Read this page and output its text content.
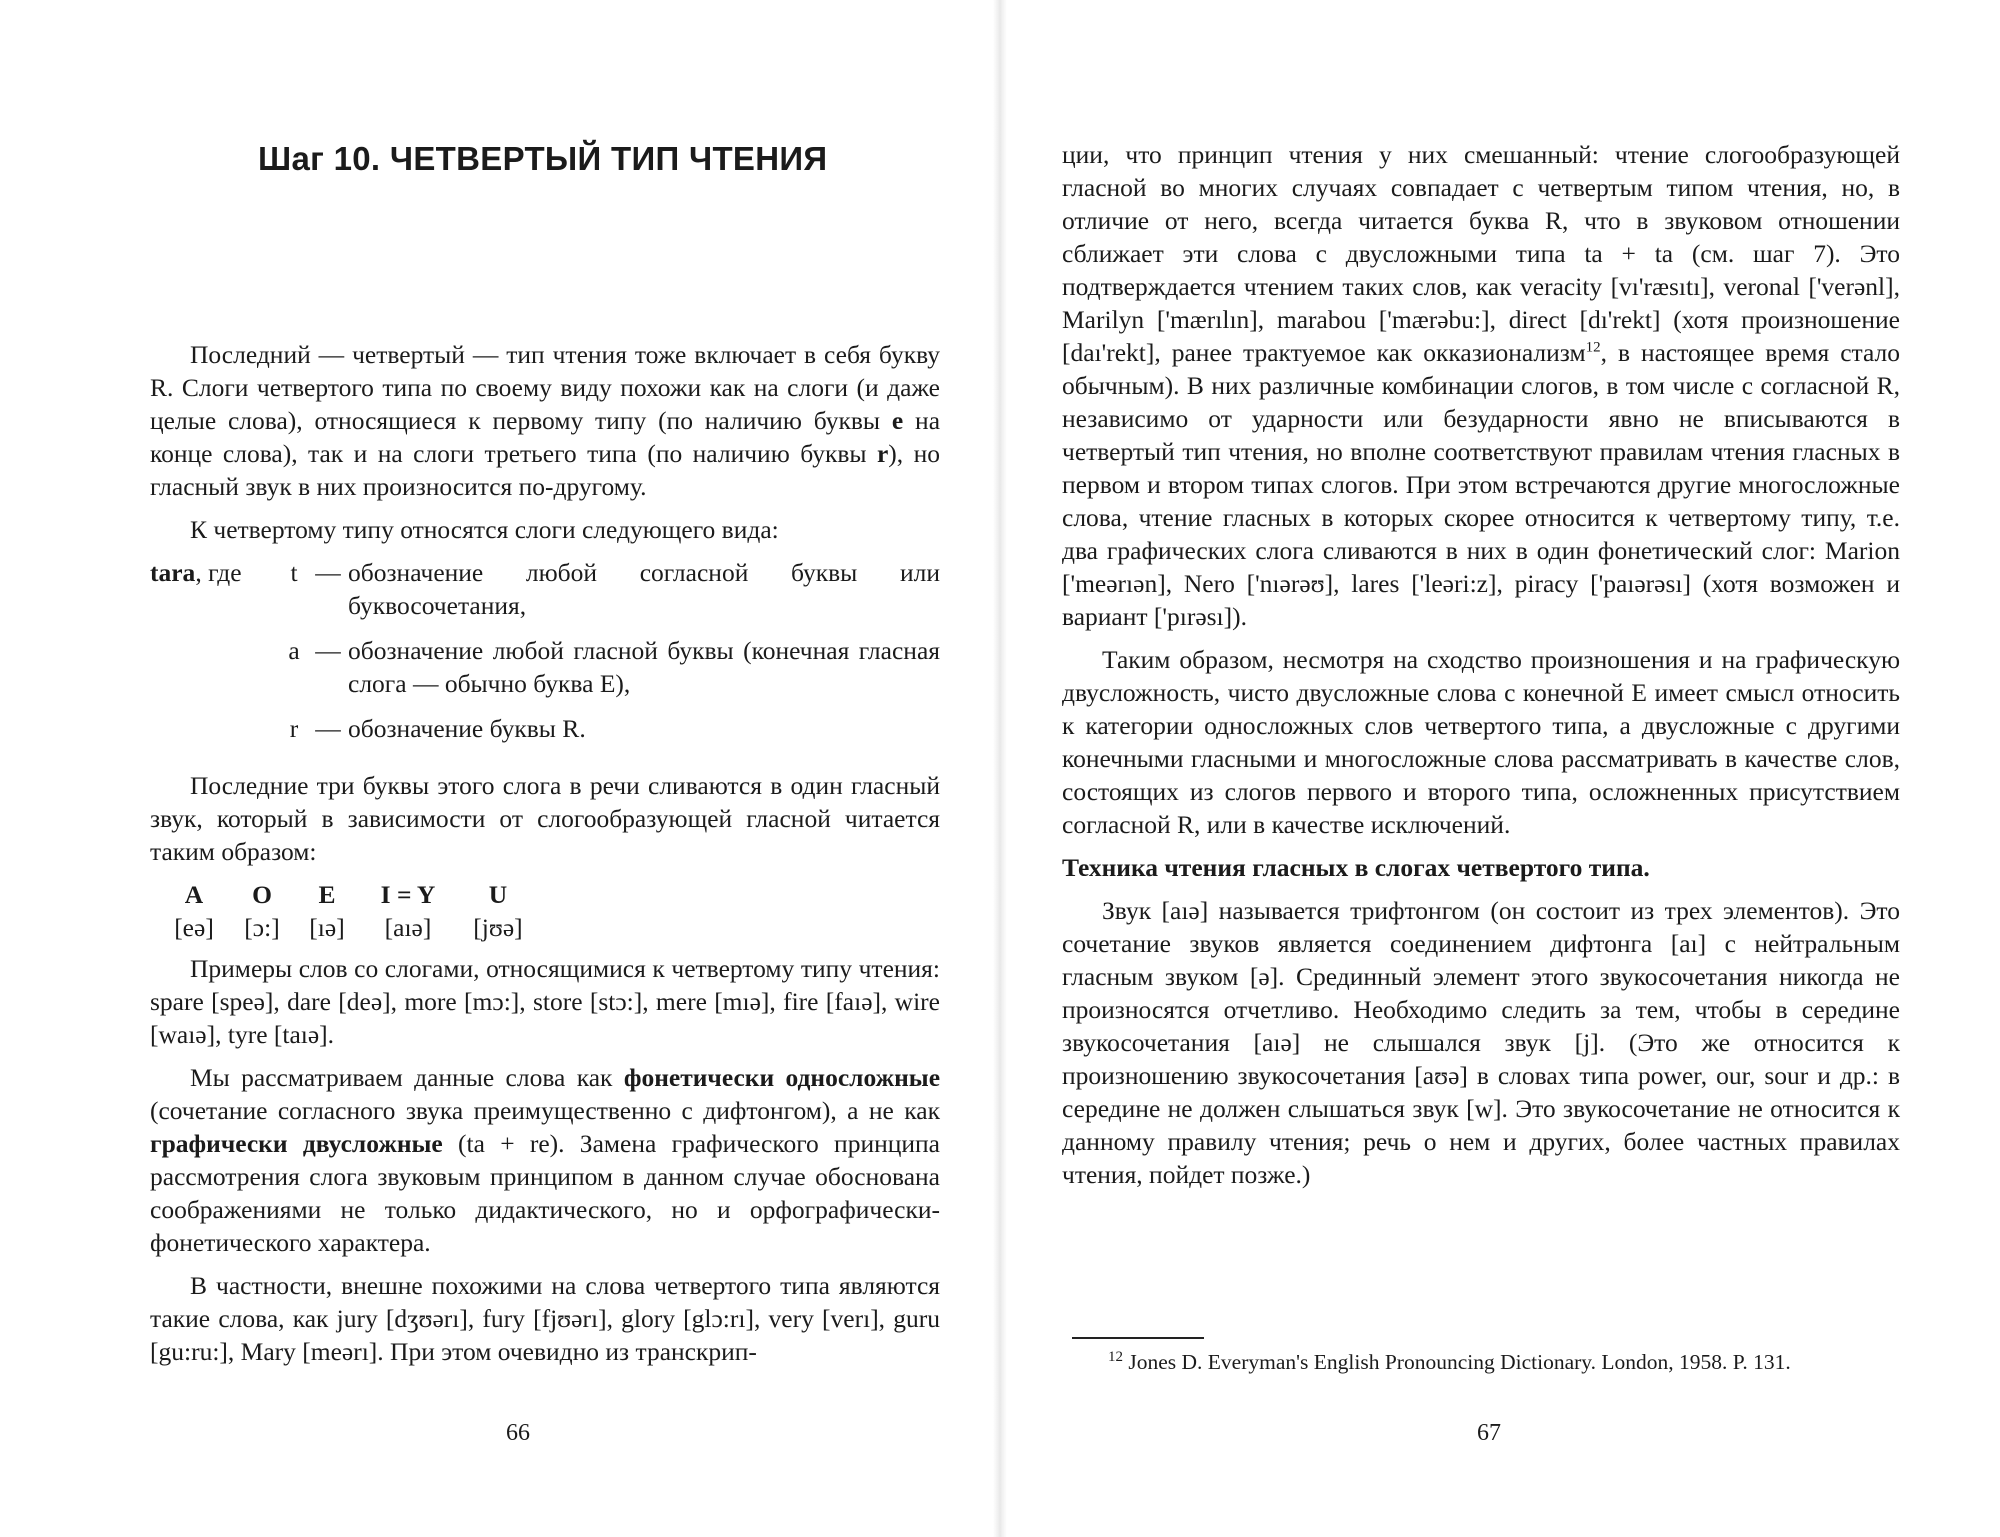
Шаг 10. ЧЕТВЕРТЫЙ ТИП ЧТЕНИЯ

Последний — четвертый — тип чтения тоже включает в себя букву R. Слоги четвертого типа по своему виду похожи как на слоги (и даже целые слова), относящиеся к первому типу (по наличию буквы е на конце слова), так и на слоги третьего типа (по наличию буквы r), но гласный звук в них произносится по-другому.

К четвертому типу относятся слоги следующего вида:

tara, где	t — обозначение любой согласной буквы или буквосочетания,
a — обозначение любой гласной буквы (конечная гласная слога — обычно буква Е),
r — обозначение буквы R.

Последние три буквы этого слога в речи сливаются в один гласный звук, который в зависимости от слогообразующей гласной читается таким образом:

A	O	E	I = Y	U
[eə]	[ɔ:]	[ıə]	[aıə]	[jʊə]

Примеры слов со слогами, относящимися к четвертому типу чтения: spare [speə], dare [deə], more [mɔ:], store [stɔ:], mere [mıə], fire [faıə], wire [waıə], tyre [taıə].

Мы рассматриваем данные слова как фонетически односложные (сочетание согласного звука преимущественно с дифтонгом), а не как графически двусложные (ta + re). Замена графического принципа рассмотрения слога звуковым принципом в данном случае обоснована соображениями не только дидактического, но и орфографически-фонетического характера.

В частности, внешне похожими на слова четвертого типа являются такие слова, как jury [dʒʊərı], fury [fjʊərı], glory [glɔ:rı], very [verı], guru [gu:ru:], Mary [meərı]. При этом очевидно из транскрип-

66

ции, что принцип чтения у них смешанный: чтение слогообразующей гласной во многих случаях совпадает с четвертым типом чтения, но, в отличие от него, всегда читается буква R, что в звуковом отношении сближает эти слова с двусложными типа ta + ta (см. шаг 7). Это подтверждается чтением таких слов, как veracity [vı'ræsıtı], veronal ['verənl], Marilyn ['mærılın], marabou ['mærəbu:], direct [dı'rekt] (хотя произношение [daı'rekt], ранее трактуемое как окказионализм$^{12}$, в настоящее время стало обычным). В них различные комбинации слогов, в том числе с согласной R, независимо от ударности или безударности явно не вписываются в четвертый тип чтения, но вполне соответствуют правилам чтения гласных в первом и втором типах слогов. При этом встречаются другие многосложные слова, чтение гласных в которых скорее относится к четвертому типу, т.е. два графических слога сливаются в них в один фонетический слог: Marion ['meərıən], Nero ['nıərəʊ], lares ['leəri:z], piracy ['paıərəsı] (хотя возможен и вариант ['pırəsı]).

Таким образом, несмотря на сходство произношения и на графическую двусложность, чисто двусложные слова с конечной Е имеет смысл относить к категории односложных слов четвертого типа, а двусложные с другими конечными гласными и многосложные слова рассматривать в качестве слов, состоящих из слогов первого и второго типа, осложненных присутствием согласной R, или в качестве исключений.

Техника чтения гласных в слогах четвертого типа.

Звук [aıə] называется трифтонгом (он состоит из трех элементов). Это сочетание звуков является соединением дифтонга [aı] с нейтральным гласным звуком [ə]. Срединный элемент этого звукосочетания никогда не произносятся отчетливо. Необходимо следить за тем, чтобы в середине звукосочетания [aıə] не слышался звук [j]. (Это же относится к произношению звукосочетания [aʊə] в словах типа power, our, sour и др.: в середине не должен слышаться звук [w]. Это звукосочетание не относится к данному правилу чтения; речь о нем и других, более частных правилах чтения, пойдет позже.)

$^{12}$ Jones D. Everyman's English Pronouncing Dictionary. London, 1958. P. 131.
67
